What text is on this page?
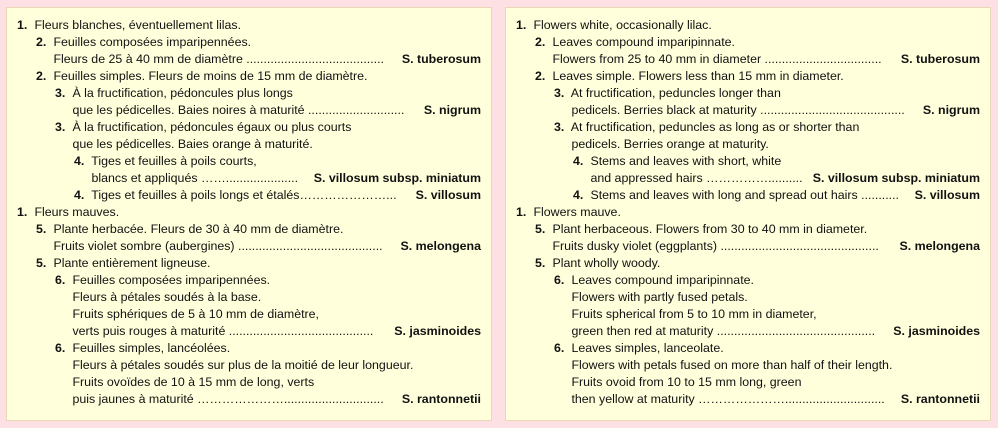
1. Fleurs blanches, éventuellement lilas.
2. Feuilles composées imparipennées.
Fleurs de 25 à 40 mm de diamètre ........................................ S. tuberosum
2. Feuilles simples. Fleurs de moins de 15 mm de diamètre.
3. À la fructification, pédoncules plus longs
que les pédicelles. Baies noires à maturité ............................ S. nigrum
3. À la fructification, pédoncules égaux ou plus courts
que les pédicelles. Baies orange à maturité.
4. Tiges et feuilles à poils courts,
blancs et appliqués ……..................... S. villosum subsp. miniatum
4. Tiges et feuilles à poils longs et étalés…………………... S. villosum
1. Fleurs mauves.
5. Plante herbacée. Fleurs de 30 à 40 mm de diamètre.
Fruits violet sombre (aubergines) .......................................... S. melongena
5. Plante entièrement ligneuse.
6. Feuilles composées imparipennées.
Fleurs à pétales soudés à la base.
Fruits sphériques de 5 à 10 mm de diamètre,
verts puis rouges à maturité .......................................... S. jasminoides
6. Feuilles simples, lancéolées.
Fleurs à pétales soudés sur plus de la moitié de leur longueur.
Fruits ovoïdes de 10 à 15 mm de long, verts
puis jaunes à maturité …………………............................. S. rantonnetii
1. Flowers white, occasionally lilac.
2. Leaves compound imparipinnate.
Flowers from 25 to 40 mm in diameter .................................. S. tuberosum
2. Leaves simple. Flowers less than 15 mm in diameter.
3. At fructification, peduncles longer than
pedicels. Berries black at maturity .......................................... S. nigrum
3. At fructification, peduncles as long as or shorter than
pedicels. Berries orange at maturity.
4. Stems and leaves with short, white
and appressed hairs …………….......... S. villosum subsp. miniatum
4. Stems and leaves with long and spread out hairs ........... S. villosum
1. Flowers mauve.
5. Plant herbaceous. Flowers from 30 to 40 mm in diameter.
Fruits dusky violet (eggplants) .............................................. S. melongena
5. Plant wholly woody.
6. Leaves compound imparipinnate.
Flowers with partly fused petals.
Fruits spherical from 5 to 10 mm in diameter,
green then red at maturity .............................................. S. jasminoides
6. Leaves simples, lanceolate.
Flowers with petals fused on more than half of their length.
Fruits ovoid from 10 to 15 mm long, green
then yellow at maturity …………………............................. S. rantonnetii
